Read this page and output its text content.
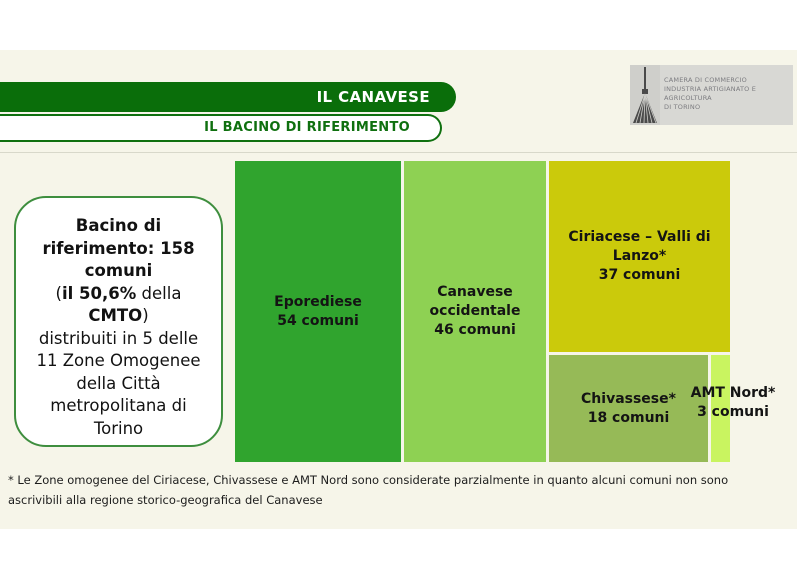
IL CANAVESE
IL BACINO DI RIFERIMENTO
CAMERA DI COMMERCIO
INDUSTRIA ARTIGIANATO E AGRICOLTURA
DI TORINO
Bacino di
riferimento: 158
comuni
(il 50,6% della
CMTO)
distribuiti in 5 delle
11 Zone Omogenee
della Città
metropolitana di
Torino
Eporediese
54 comuni
Canavese occidentale
46 comuni
Ciriacese – Valli di Lanzo*
37 comuni
Chivassese*
18 comuni
AMT Nord*
3 comuni
* Le Zone omogenee del Ciriacese, Chivassese e AMT Nord sono considerate parzialmente in quanto alcuni comuni non sono ascrivibili alla regione storico-geografica del Canavese
